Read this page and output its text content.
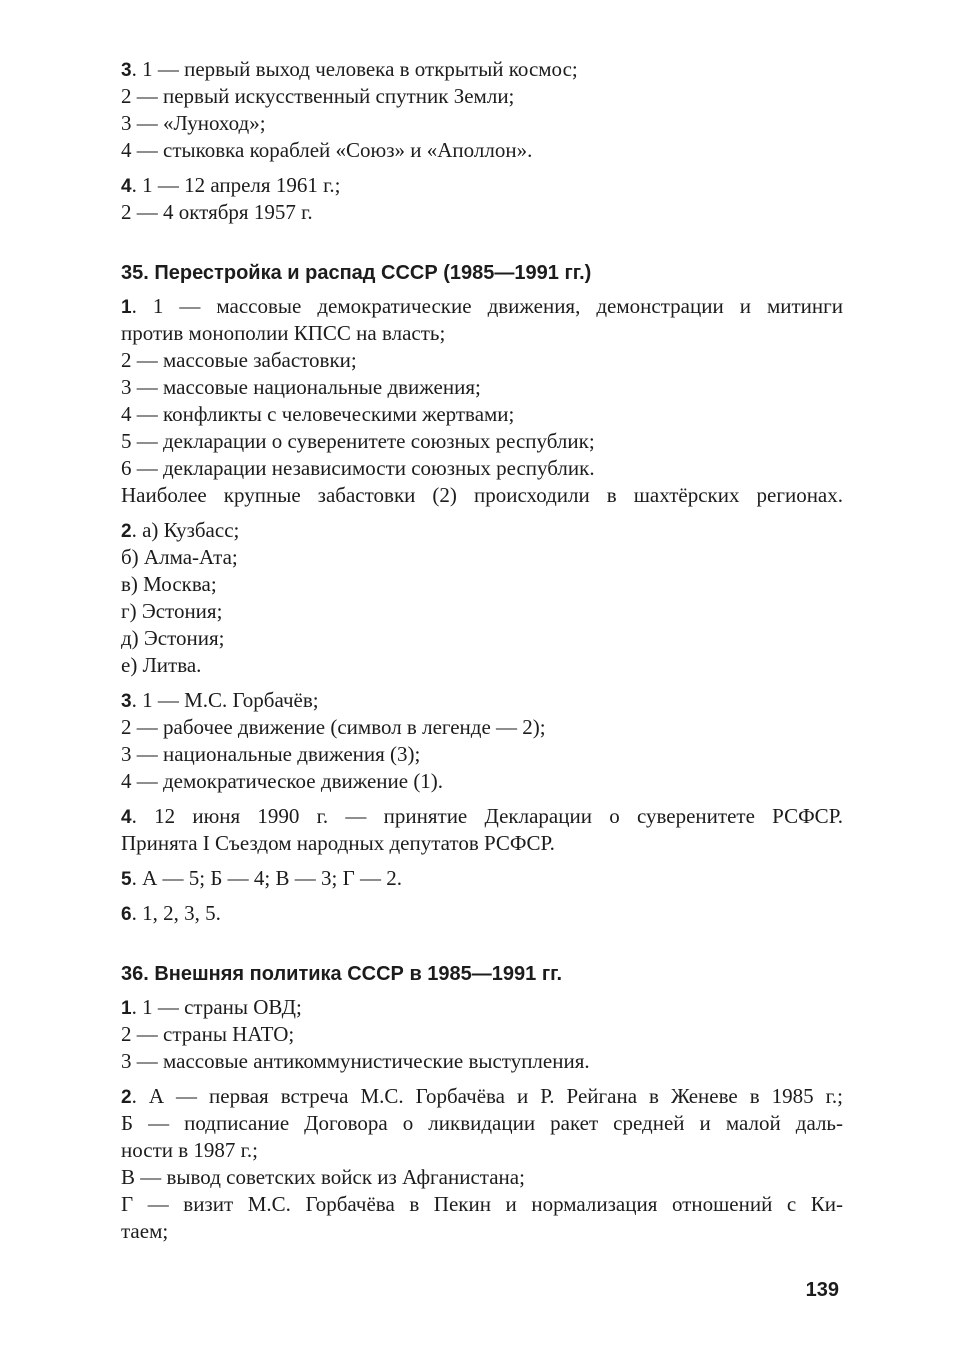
3. 1 — первый выход человека в открытый космос;
2 — первый искусственный спутник Земли;
3 — «Луноход»;
4 — стыковка кораблей «Союз» и «Аполлон».
4. 1 — 12 апреля 1961 г.;
2 — 4 октября 1957 г.
35. Перестройка и распад СССР (1985—1991 гг.)
1. 1 — массовые демократические движения, демонстрации и митинги
против монополии КПСС на власть;
2 — массовые забастовки;
3 — массовые национальные движения;
4 — конфликты с человеческими жертвами;
5 — декларации о суверенитете союзных республик;
6 — декларации независимости союзных республик.
Наиболее крупные забастовки (2) происходили в шахтёрских регионах.
2. а) Кузбасс;
б) Алма-Ата;
в) Москва;
г) Эстония;
д) Эстония;
е) Литва.
3. 1 — М.С. Горбачёв;
2 — рабочее движение (символ в легенде — 2);
3 — национальные движения (3);
4 — демократическое движение (1).
4. 12 июня 1990 г. — принятие Декларации о суверенитете РСФСР.
Принята I Съездом народных депутатов РСФСР.
5. А — 5; Б — 4; В — 3; Г — 2.
6. 1, 2, 3, 5.
36. Внешняя политика СССР в 1985—1991 гг.
1. 1 — страны ОВД;
2 — страны НАТО;
3 — массовые антикоммунистические выступления.
2. А — первая встреча М.С. Горбачёва и Р. Рейгана в Женеве в 1985 г.;
Б — подписание Договора о ликвидации ракет средней и малой даль-
ности в 1987 г.;
В — вывод советских войск из Афганистана;
Г — визит М.С. Горбачёва в Пекин и нормализация отношений с Ки-
таем;
139
